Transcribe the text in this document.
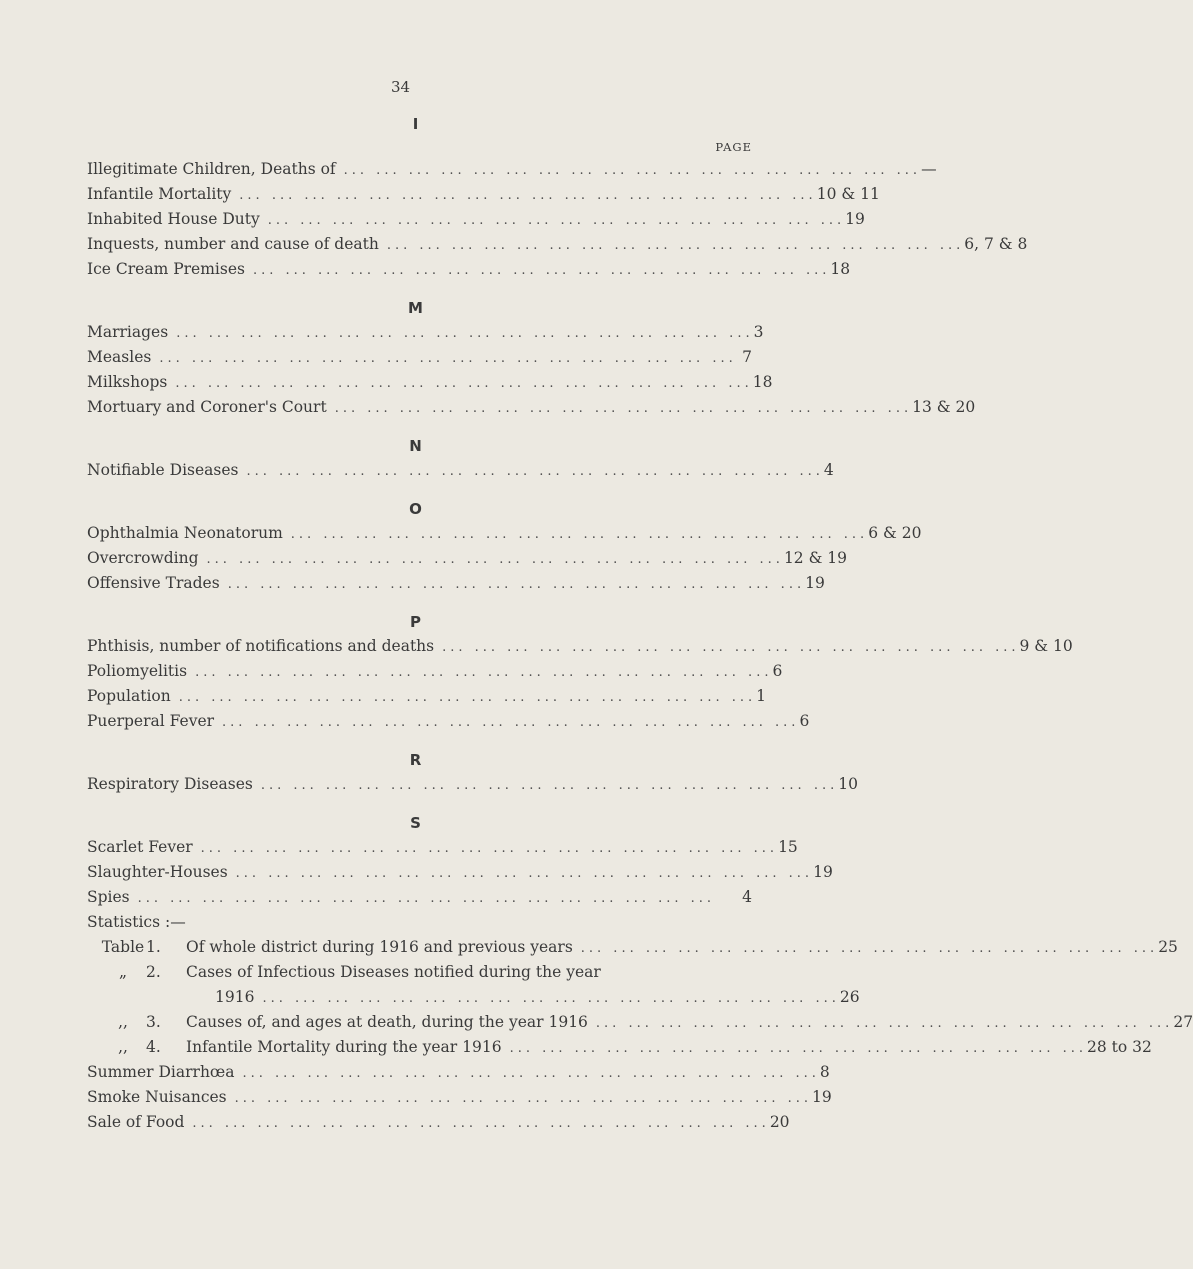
34
I
PAGE
Illegitimate Children, Deaths of ... ... ... ... ... ... ... ... ... ... ... ... ... ... ... ... ... ... —
Infantile Mortality ... ... ... ... ... ... ... ... ... ... ... ... ... ... ... ... ... ... 10 & 11
Inhabited House Duty ... ... ... ... ... ... ... ... ... ... ... ... ... ... ... ... ... ... 19
Inquests, number and cause of death ... ... ... ... ... ... ... ... ... ... ... ... ... ... ... ... ... ... 6, 7 & 8
Ice Cream Premises ... ... ... ... ... ... ... ... ... ... ... ... ... ... ... ... ... ... 18
M
Marriages ... ... ... ... ... ... ... ... ... ... ... ... ... ... ... ... ... ... 3
Measles ... ... ... ... ... ... ... ... ... ... ... ... ... ... ... ... ... ... 7
Milkshops ... ... ... ... ... ... ... ... ... ... ... ... ... ... ... ... ... ... 18
Mortuary and Coroner's Court ... ... ... ... ... ... ... ... ... ... ... ... ... ... ... ... ... ... 13 & 20
N
Notifiable Diseases ... ... ... ... ... ... ... ... ... ... ... ... ... ... ... ... ... ... 4
O
Ophthalmia Neonatorum ... ... ... ... ... ... ... ... ... ... ... ... ... ... ... ... ... ... 6 & 20
Overcrowding ... ... ... ... ... ... ... ... ... ... ... ... ... ... ... ... ... ... 12 & 19
Offensive Trades ... ... ... ... ... ... ... ... ... ... ... ... ... ... ... ... ... ... 19
P
Phthisis, number of notifications and deaths ... ... ... ... ... ... ... ... ... ... ... ... ... ... ... ... ... ... 9 & 10
Poliomyelitis ... ... ... ... ... ... ... ... ... ... ... ... ... ... ... ... ... ... 6
Population ... ... ... ... ... ... ... ... ... ... ... ... ... ... ... ... ... ... 1
Puerperal Fever ... ... ... ... ... ... ... ... ... ... ... ... ... ... ... ... ... ... 6
R
Respiratory Diseases ... ... ... ... ... ... ... ... ... ... ... ... ... ... ... ... ... ... 10
S
Scarlet Fever ... ... ... ... ... ... ... ... ... ... ... ... ... ... ... ... ... ... 15
Slaughter-Houses ... ... ... ... ... ... ... ... ... ... ... ... ... ... ... ... ... ... 19
Spies ... ... ... ... ... ... ... ... ... ... ... ... ... ... ... ... ... ...	4
Statistics :—
Table 1. Of whole district during 1916 and previous years ... ... ... ... ... ... ... ... ... ... ... ... ... ... ... ... ... ... 25
„ 2. Cases of Infectious Diseases notified during the year
1916 ... ... ... ... ... ... ... ... ... ... ... ... ... ... ... ... ... ... 26
,, 3. Causes of, and ages at death, during the year 1916 ... ... ... ... ... ... ... ... ... ... ... ... ... ... ... ... ... ... 27
,, 4. Infantile Mortality during the year 1916 ... ... ... ... ... ... ... ... ... ... ... ... ... ... ... ... ... ... 28 to 32
Summer Diarrhœa ... ... ... ... ... ... ... ... ... ... ... ... ... ... ... ... ... ... 8
Smoke Nuisances ... ... ... ... ... ... ... ... ... ... ... ... ... ... ... ... ... ... 19
Sale of Food ... ... ... ... ... ... ... ... ... ... ... ... ... ... ... ... ... ... 20
